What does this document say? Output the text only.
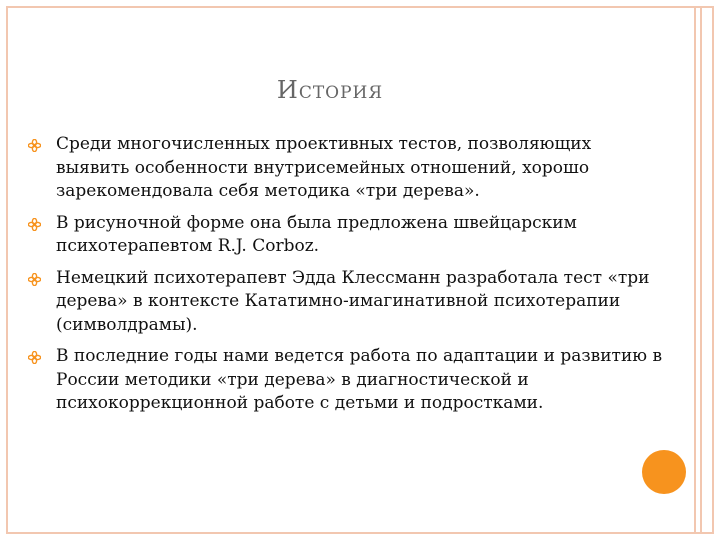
История
Среди многочисленных проективных тестов, позволяющих выявить особенности внутрисемейных отношений, хорошо зарекомендовала себя методика «три дерева».
В рисуночной форме она была предложена швейцарским психотерапевтом R.J. Corboz.
Немецкий психотерапевт Эдда Клессманн разработала тест «три дерева» в контексте Кататимно-имагинативной психотерапии (символдрамы).
В последние годы нами ведется работа по адаптации и развитию в России методики «три дерева» в диагностической и психокоррекционной работе с детьми и подростками.
